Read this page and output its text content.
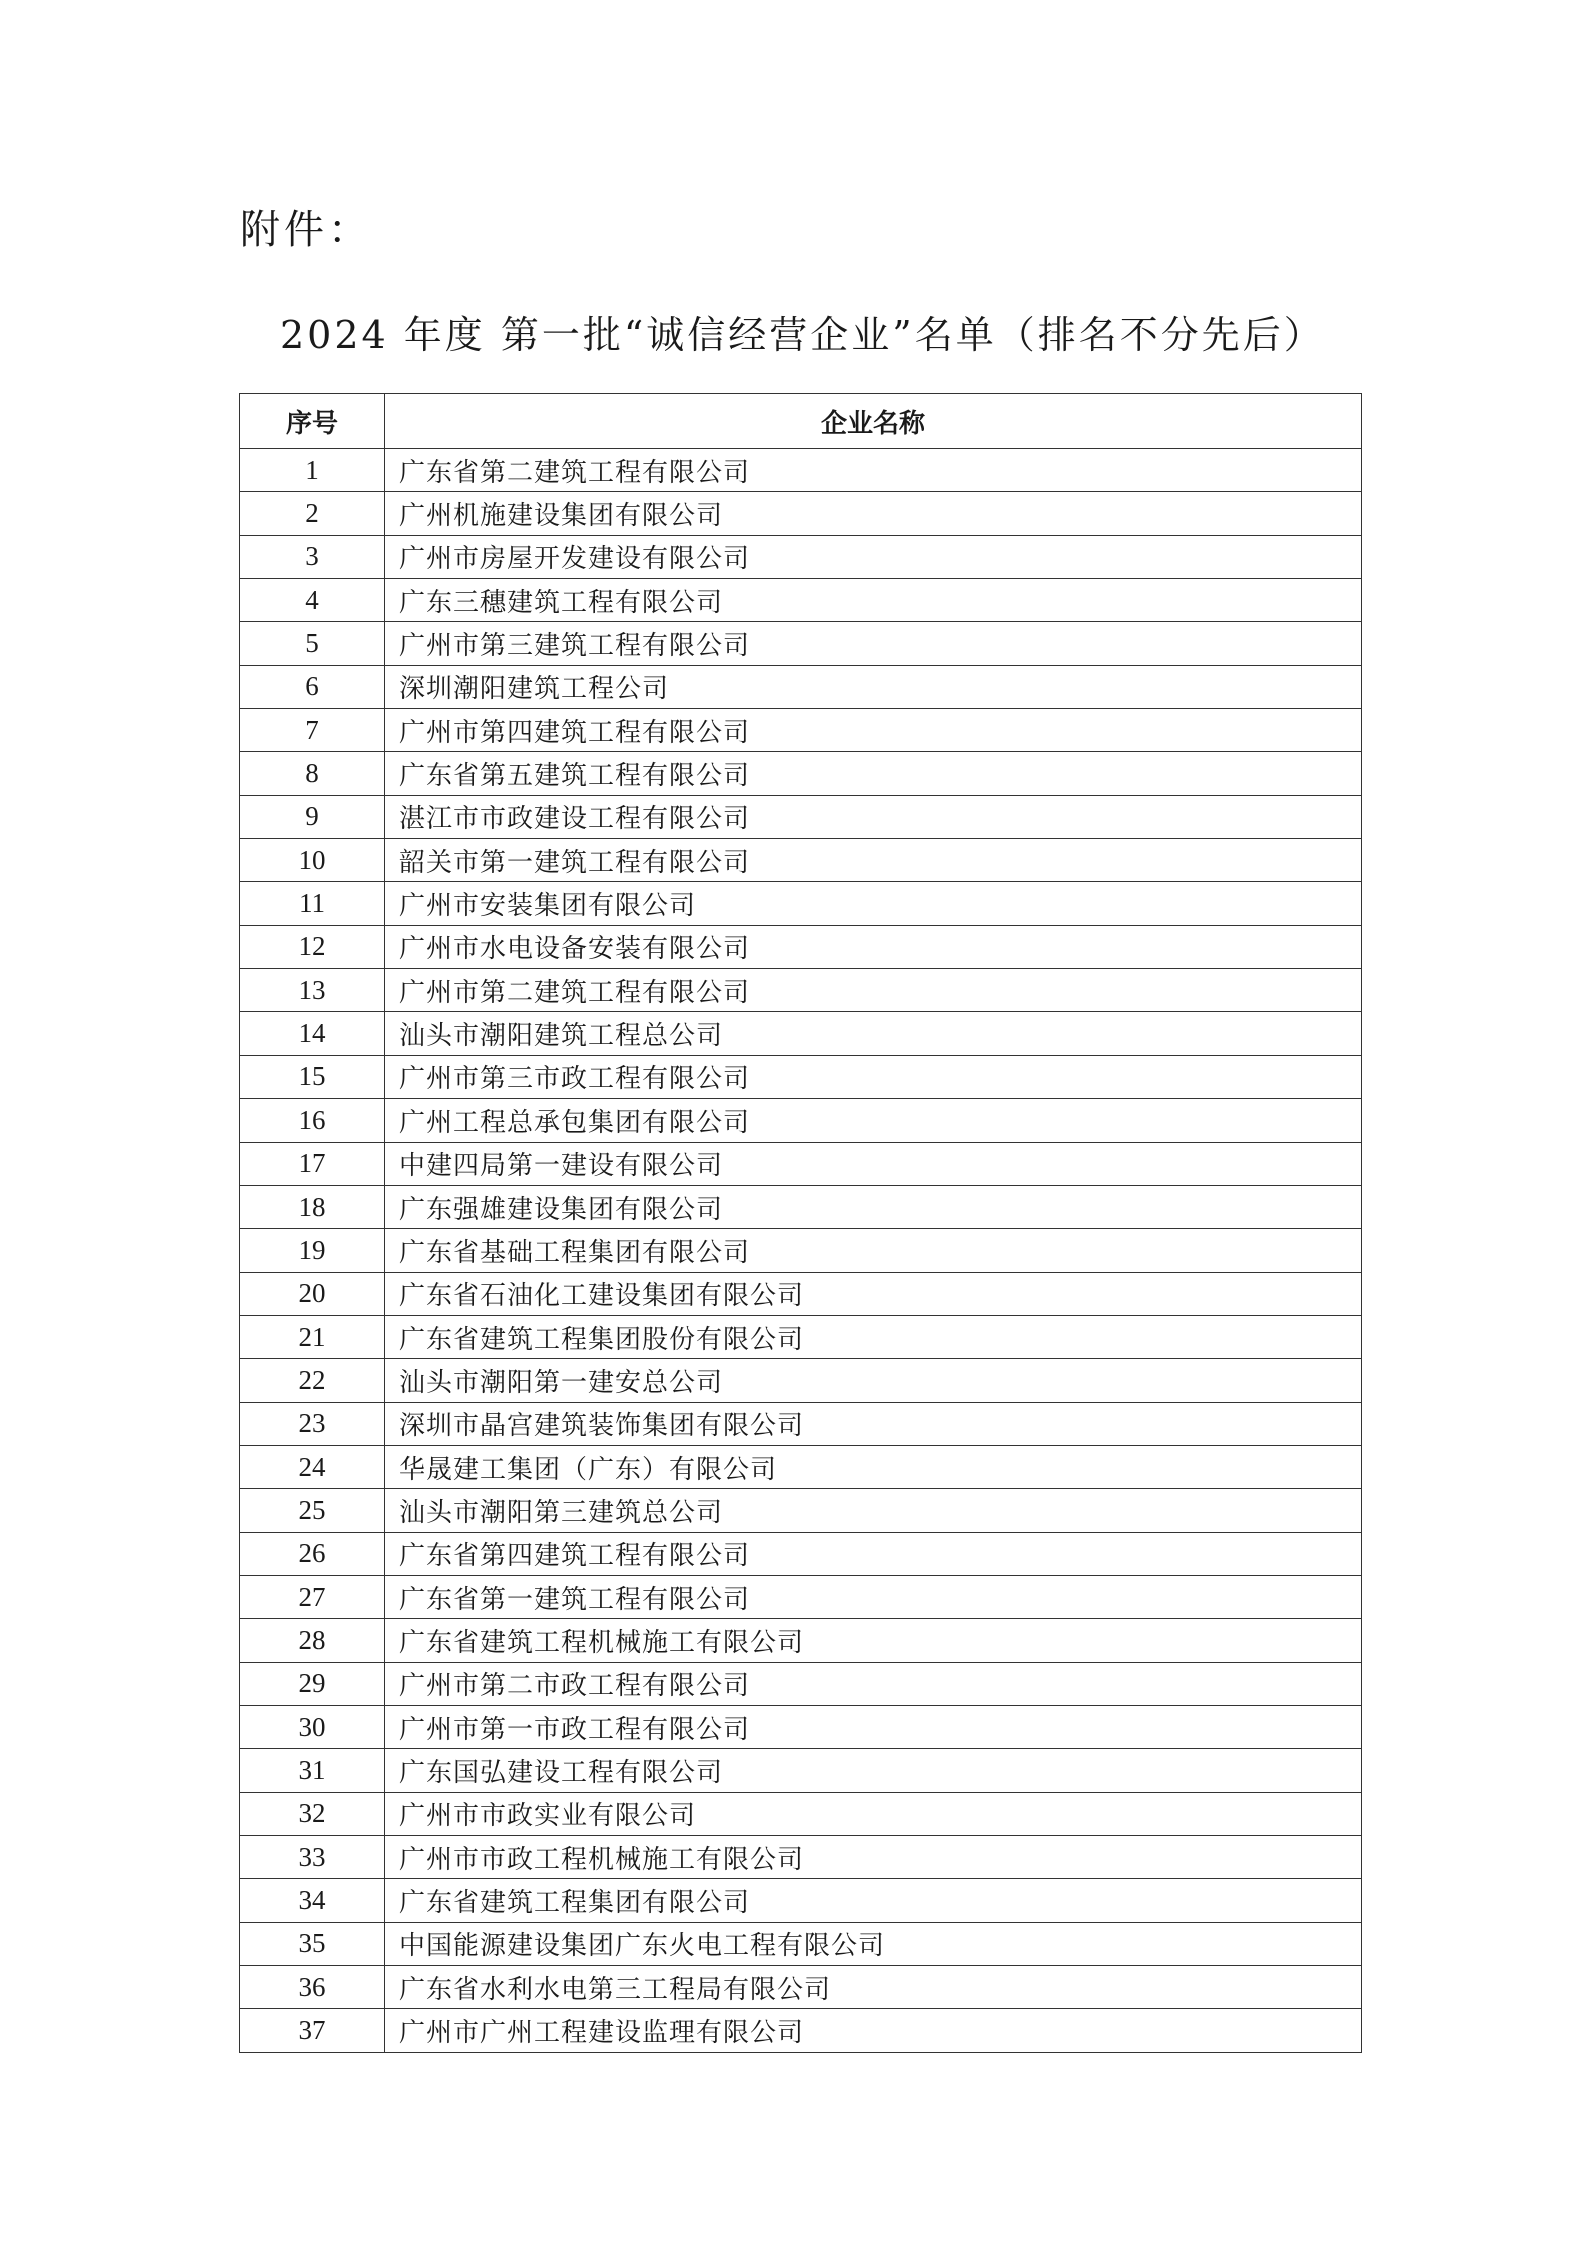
附件：
2024 年度 第一批“诚信经营企业”名单（排名不分先后）
序号	企业名称
1	广东省第二建筑工程有限公司
2	广州机施建设集团有限公司
3	广州市房屋开发建设有限公司
4	广东三穗建筑工程有限公司
5	广州市第三建筑工程有限公司
6	深圳潮阳建筑工程公司
7	广州市第四建筑工程有限公司
8	广东省第五建筑工程有限公司
9	湛江市市政建设工程有限公司
10	韶关市第一建筑工程有限公司
11	广州市安装集团有限公司
12	广州市水电设备安装有限公司
13	广州市第二建筑工程有限公司
14	汕头市潮阳建筑工程总公司
15	广州市第三市政工程有限公司
16	广州工程总承包集团有限公司
17	中建四局第一建设有限公司
18	广东强雄建设集团有限公司
19	广东省基础工程集团有限公司
20	广东省石油化工建设集团有限公司
21	广东省建筑工程集团股份有限公司
22	汕头市潮阳第一建安总公司
23	深圳市晶宫建筑装饰集团有限公司
24	华晟建工集团（广东）有限公司
25	汕头市潮阳第三建筑总公司
26	广东省第四建筑工程有限公司
27	广东省第一建筑工程有限公司
28	广东省建筑工程机械施工有限公司
29	广州市第二市政工程有限公司
30	广州市第一市政工程有限公司
31	广东国弘建设工程有限公司
32	广州市市政实业有限公司
33	广州市市政工程机械施工有限公司
34	广东省建筑工程集团有限公司
35	中国能源建设集团广东火电工程有限公司
36	广东省水利水电第三工程局有限公司
37	广州市广州工程建设监理有限公司
